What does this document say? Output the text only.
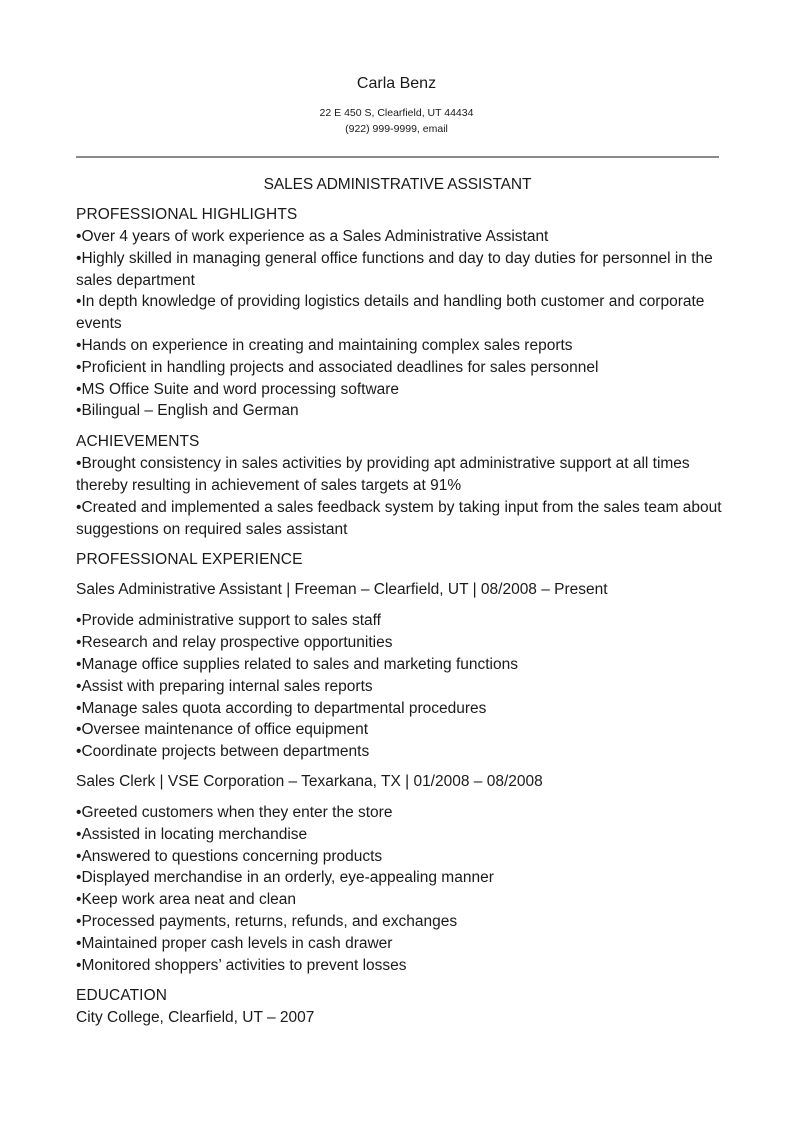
Carla Benz
22 E 450 S, Clearfield, UT 44434
(922) 999-9999, email
SALES ADMINISTRATIVE ASSISTANT
PROFESSIONAL HIGHLIGHTS
•Over 4 years of work experience as a Sales Administrative Assistant
•Highly skilled in managing general office functions and day to day duties for personnel in the sales department
•In depth knowledge of providing logistics details and handling both customer and corporate events
•Hands on experience in creating and maintaining complex sales reports
•Proficient in handling projects and associated deadlines for sales personnel
•MS Office Suite and word processing software
•Bilingual – English and German
ACHIEVEMENTS
•Brought consistency in sales activities by providing apt administrative support at all times thereby resulting in achievement of sales targets at 91%
•Created and implemented a sales feedback system by taking input from the sales team about suggestions on required sales assistant
PROFESSIONAL EXPERIENCE
Sales Administrative Assistant | Freeman – Clearfield, UT | 08/2008 – Present
•Provide administrative support to sales staff
•Research and relay prospective opportunities
•Manage office supplies related to sales and marketing functions
•Assist with preparing internal sales reports
•Manage sales quota according to departmental procedures
•Oversee maintenance of office equipment
•Coordinate projects between departments
Sales Clerk | VSE Corporation – Texarkana, TX | 01/2008 – 08/2008
•Greeted customers when they enter the store
•Assisted in locating merchandise
•Answered to questions concerning products
•Displayed merchandise in an orderly, eye-appealing manner
•Keep work area neat and clean
•Processed payments, returns, refunds, and exchanges
•Maintained proper cash levels in cash drawer
•Monitored shoppers’ activities to prevent losses
EDUCATION
City College, Clearfield, UT – 2007
